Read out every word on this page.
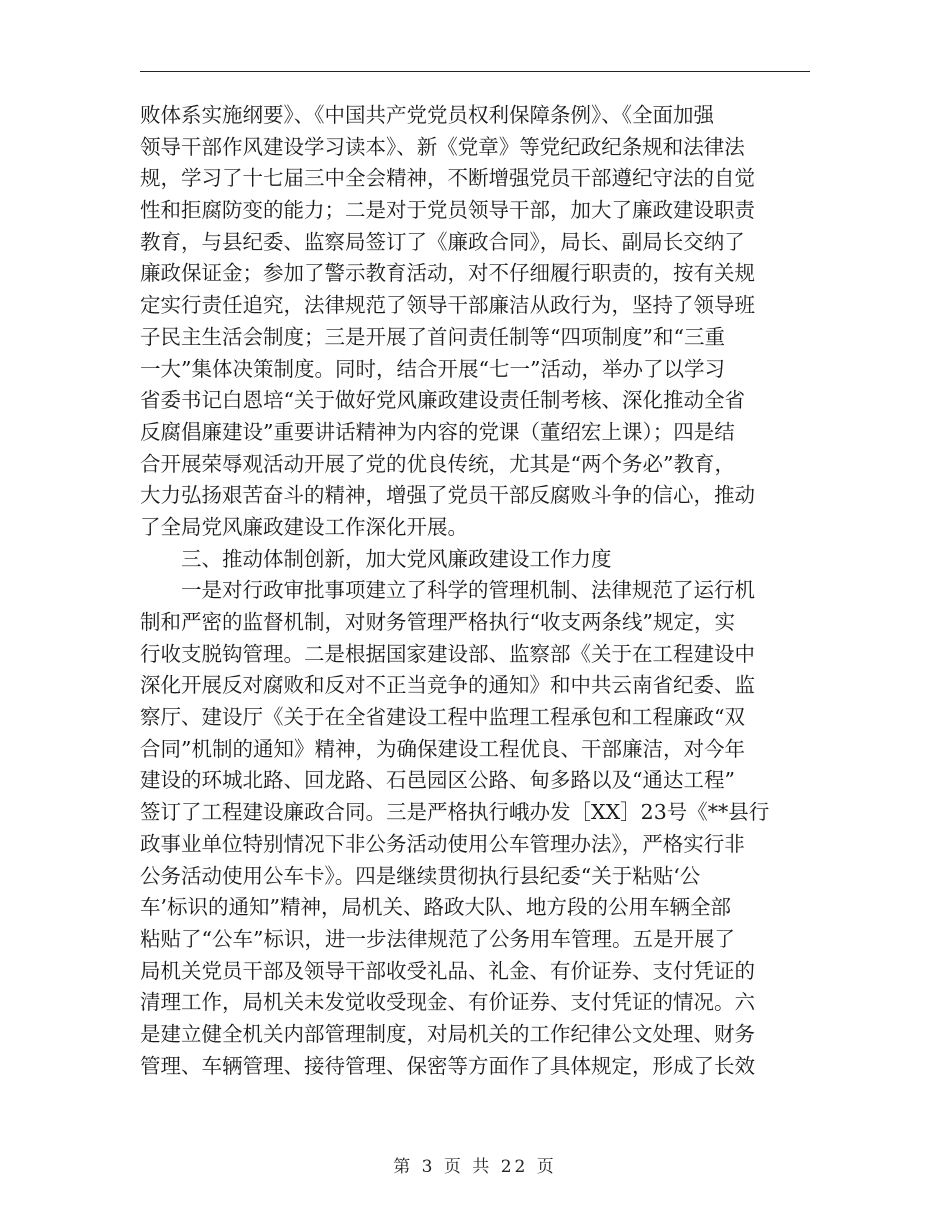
败体系实施纲要》、《中国共产党党员权利保障条例》、《全面加强
领导干部作风建设学习读本》、新《党章》等党纪政纪条规和法律法
规，学习了十七届三中全会精神，不断增强党员干部遵纪守法的自觉
性和拒腐防变的能力；二是对于党员领导干部，加大了廉政建设职责
教育，与县纪委、监察局签订了《廉政合同》，局长、副局长交纳了
廉政保证金；参加了警示教育活动，对不仔细履行职责的，按有关规
定实行责任追究，法律规范了领导干部廉洁从政行为，坚持了领导班
子民主生活会制度；三是开展了首问责任制等“四项制度”和“三重
一大”集体决策制度。同时，结合开展“七一”活动，举办了以学习
省委书记白恩培“关于做好党风廉政建设责任制考核、深化推动全省
反腐倡廉建设”重要讲话精神为内容的党课（董绍宏上课）；四是结
合开展荣辱观活动开展了党的优良传统，尤其是“两个务必”教育，
大力弘扬艰苦奋斗的精神，增强了党员干部反腐败斗争的信心，推动
了全局党风廉政建设工作深化开展。
　　三、推动体制创新，加大党风廉政建设工作力度
　　一是对行政审批事项建立了科学的管理机制、法律规范了运行机
制和严密的监督机制，对财务管理严格执行“收支两条线”规定，实
行收支脱钩管理。二是根据国家建设部、监察部《关于在工程建设中
深化开展反对腐败和反对不正当竞争的通知》和中共云南省纪委、监
察厅、建设厅《关于在全省建设工程中监理工程承包和工程廉政“双
合同”机制的通知》精神，为确保建设工程优良、干部廉洁，对今年
建设的环城北路、回龙路、石邑园区公路、甸多路以及“通达工程”
签订了工程建设廉政合同。三是严格执行峨办发［XX］23号《**县行
政事业单位特别情况下非公务活动使用公车管理办法》，严格实行非
公务活动使用公车卡》。四是继续贯彻执行县纪委“关于粘贴‘公
车’标识的通知”精神，局机关、路政大队、地方段的公用车辆全部
粘贴了“公车”标识，进一步法律规范了公务用车管理。五是开展了
局机关党员干部及领导干部收受礼品、礼金、有价证券、支付凭证的
清理工作，局机关未发觉收受现金、有价证券、支付凭证的情况。六
是建立健全机关内部管理制度，对局机关的工作纪律公文处理、财务
管理、车辆管理、接待管理、保密等方面作了具体规定，形成了长效
第 3 页 共 22 页
